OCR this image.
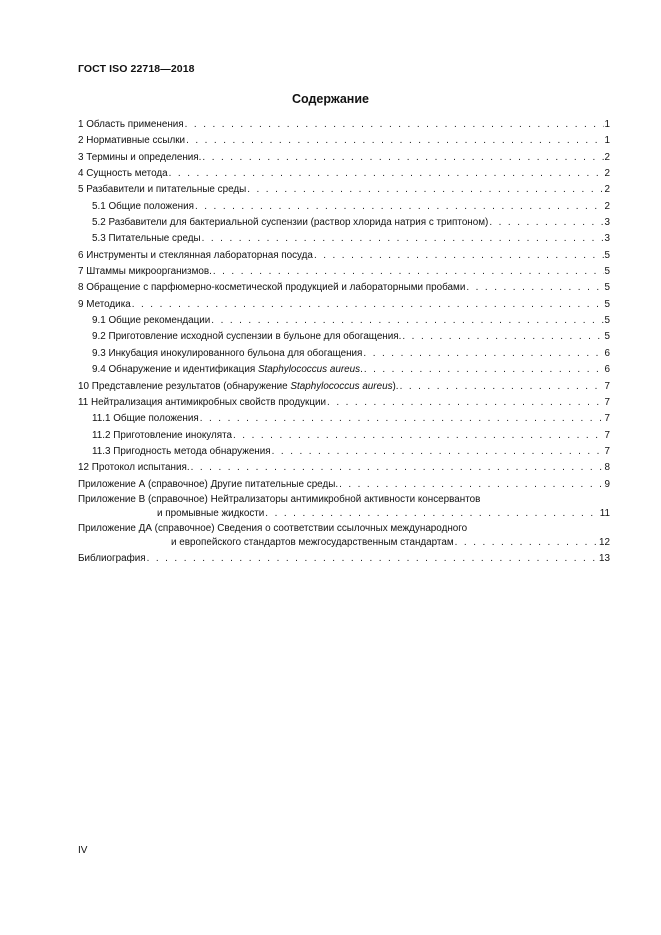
ГОСТ ISO 22718—2018
Содержание
1 Область применения . . .	1
2 Нормативные ссылки . . .	1
3 Термины и определения. . . .	2
4 Сущность метода . . .	2
5 Разбавители и питательные среды . . .	2
5.1 Общие положения . . .	2
5.2 Разбавители для бактериальной суспензии (раствор хлорида натрия с триптоном) . . .	3
5.3 Питательные среды . . .	3
6 Инструменты и стеклянная лабораторная посуда . . .	5
7 Штаммы микроорганизмов. . . .	5
8 Обращение с парфюмерно-косметической продукцией и лабораторными пробами . . .	5
9 Методика . . .	5
9.1 Общие рекомендации . . .	5
9.2 Приготовление исходной суспензии в бульоне для обогащения. . . .	5
9.3 Инкубация инокулированного бульона для обогащения . . .	6
9.4 Обнаружение и идентификация Staphylococcus aureus. . . .	6
10 Представление результатов (обнаружение Staphylococcus aureus). . . .	7
11 Нейтрализация антимикробных свойств продукции . . .	7
11.1 Общие положения . . .	7
11.2 Приготовление инокулята . . .	7
11.3 Пригодность метода обнаружения . . .	7
12 Протокол испытания. . . .	8
Приложение А (справочное) Другие питательные среды. . . .	9
Приложение В (справочное) Нейтрализаторы антимикробной активности консервантов
и промывные жидкости . . .	11
Приложение ДА (справочное) Сведения о соответствии ссылочных международного
и европейского стандартов межгосударственным стандартам . . .	12
Библиография . . .	13
IV
